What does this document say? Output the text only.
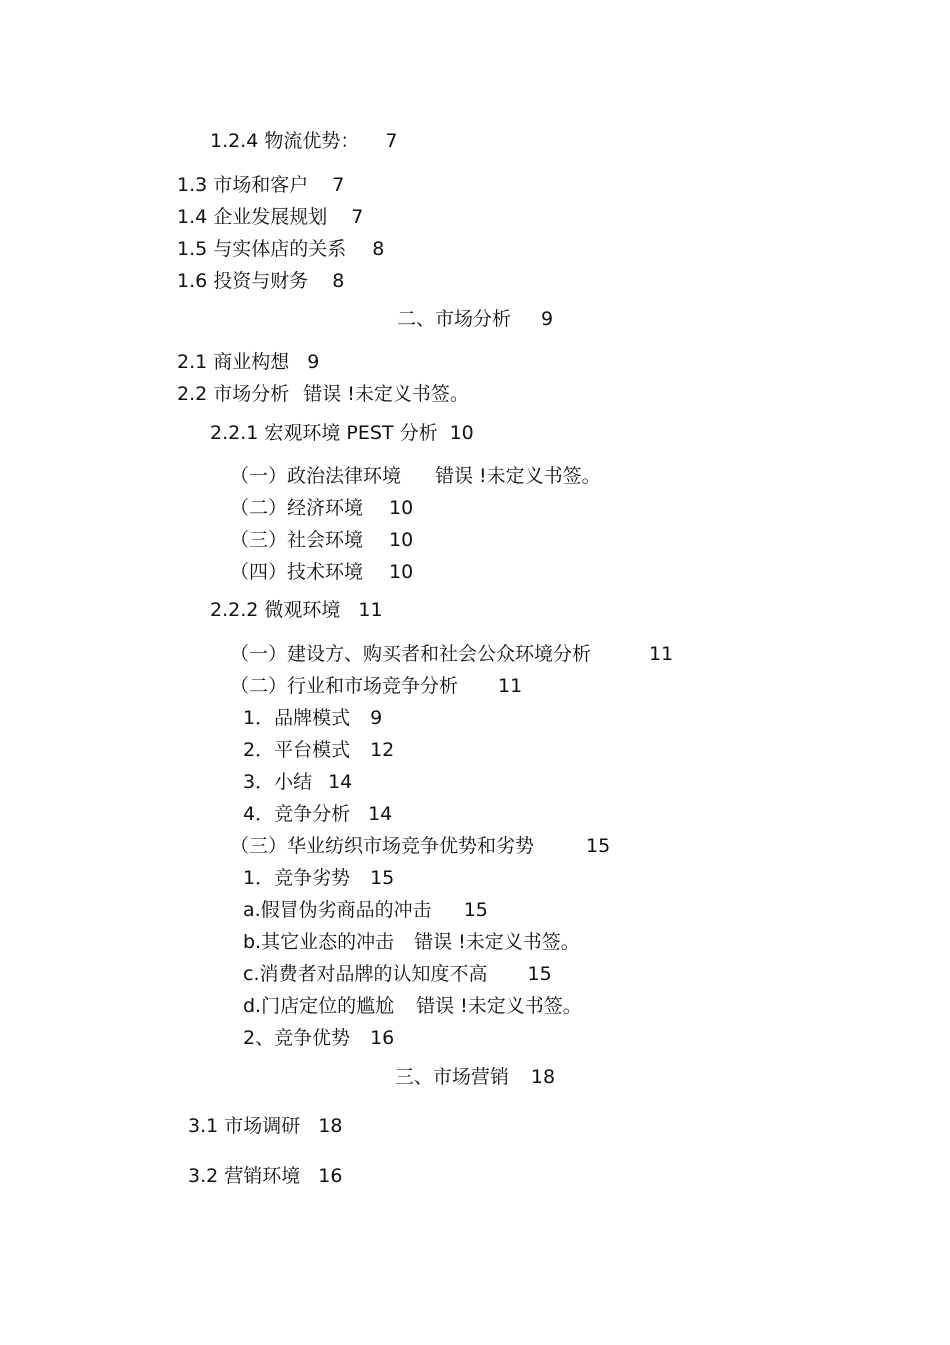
1.2.4 物流优势： 7
1.3 市场和客户 7
1.4 企业发展规划 7
1.5 与实体店的关系 8
1.6 投资与财务 8
二、市场分析 9
2.1 商业构想 9
2.2 市场分析 错误 !未定义书签。
2.2.1 宏观环境 PEST 分析 10
（一）政治法律环境 错误 !未定义书签。
（二）经济环境 10
（三）社会环境 10
（四）技术环境 10
2.2.2 微观环境 11
（一）建设方、购买者和社会公众环境分析	11
（二）行业和市场竞争分析 11
1．品牌模式 9
2．平台模式 12
3．小结 14
4．竞争分析 14
（三）华业纺织市场竞争优势和劣势	15
1．竞争劣势 15
a.假冒伪劣商品的冲击 15
b.其它业态的冲击 错误 !未定义书签。
c.消费者对品牌的认知度不高 15
d.门店定位的尴尬 错误 !未定义书签。
2、竞争优势 16
三、市场营销 18
3.1 市场调研 18
3.2 营销环境 16
